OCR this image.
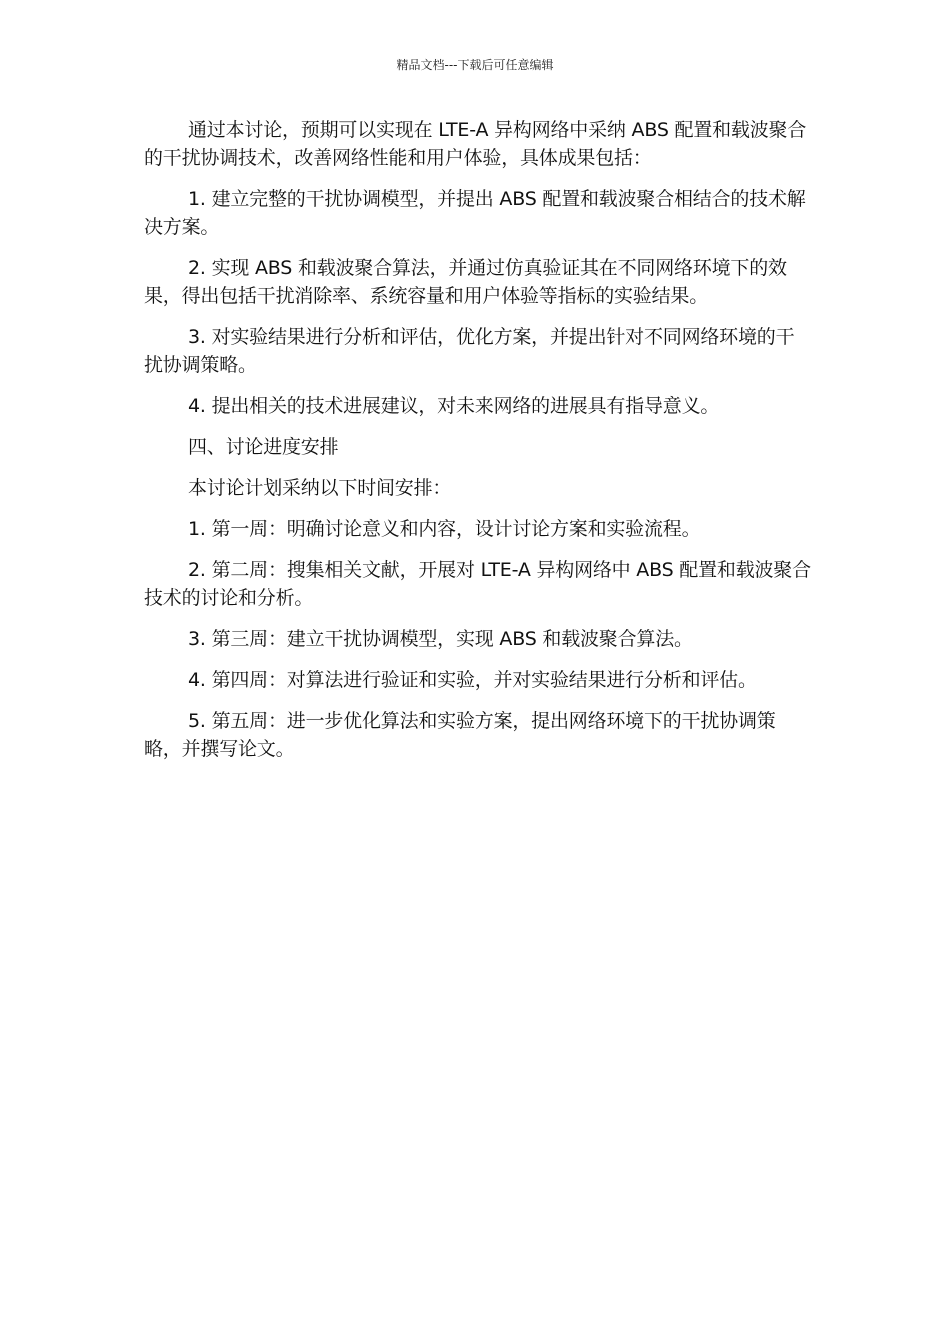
精品文档---下载后可任意编辑

通过本讨论，预期可以实现在 LTE-A 异构网络中采纳 ABS 配置和载波聚合的干扰协调技术，改善网络性能和用户体验，具体成果包括：

1. 建立完整的干扰协调模型，并提出 ABS 配置和载波聚合相结合的技术解决方案。

2. 实现 ABS 和载波聚合算法，并通过仿真验证其在不同网络环境下的效果，得出包括干扰消除率、系统容量和用户体验等指标的实验结果。

3. 对实验结果进行分析和评估，优化方案，并提出针对不同网络环境的干扰协调策略。

4. 提出相关的技术进展建议，对未来网络的进展具有指导意义。

四、讨论进度安排

本讨论计划采纳以下时间安排：

1. 第一周：明确讨论意义和内容，设计讨论方案和实验流程。

2. 第二周：搜集相关文献，开展对 LTE-A 异构网络中 ABS 配置和载波聚合技术的讨论和分析。

3. 第三周：建立干扰协调模型，实现 ABS 和载波聚合算法。

4. 第四周：对算法进行验证和实验，并对实验结果进行分析和评估。

5. 第五周：进一步优化算法和实验方案，提出网络环境下的干扰协调策略，并撰写论文。
